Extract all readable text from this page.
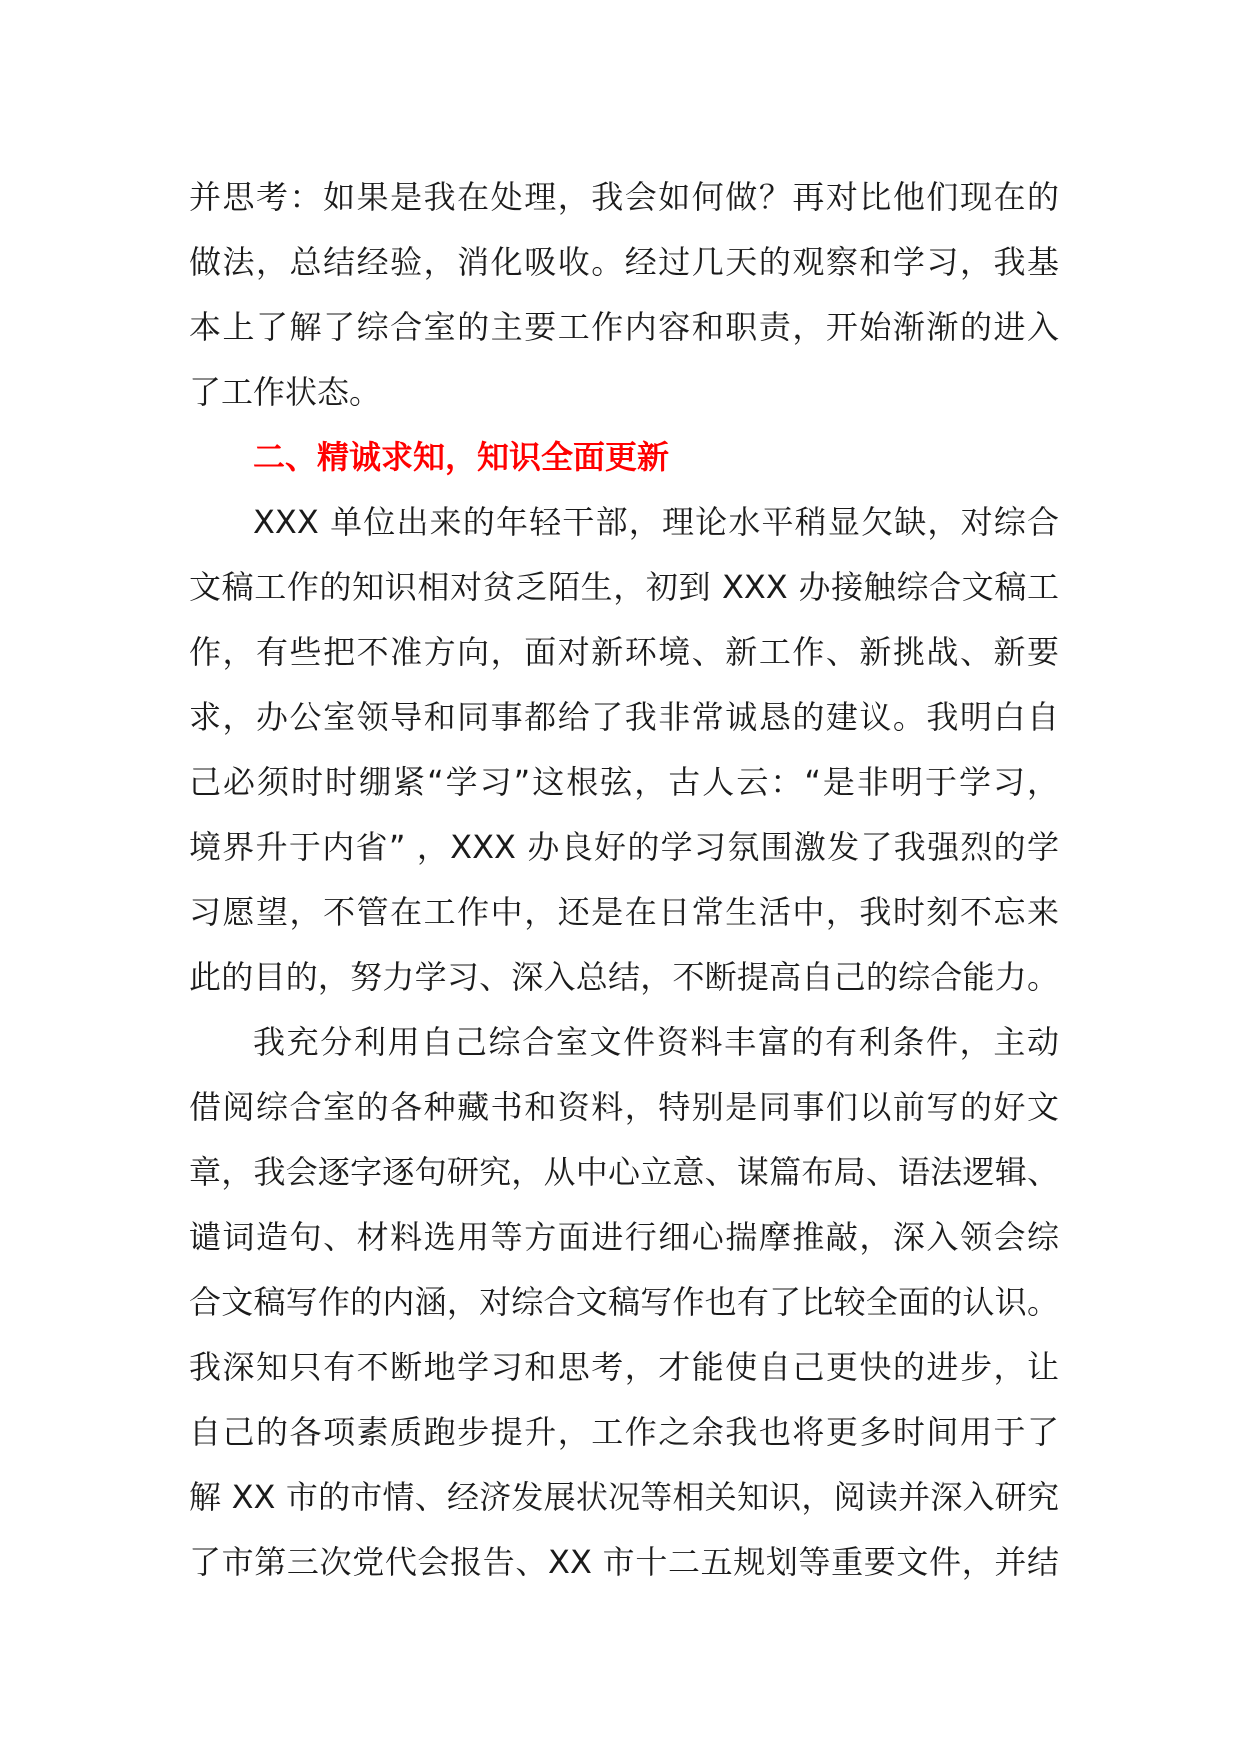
并思考：如果是我在处理，我会如何做？再对比他们现在的
做法，总结经验，消化吸收。经过几天的观察和学习，我基
本上了解了综合室的主要工作内容和职责，开始渐渐的进入
了工作状态。
二、精诚求知，知识全面更新
XXX 单位出来的年轻干部，理论水平稍显欠缺，对综合
文稿工作的知识相对贫乏陌生，初到 XXX 办接触综合文稿工
作，有些把不准方向，面对新环境、新工作、新挑战、新要
求，办公室领导和同事都给了我非常诚恳的建议。我明白自
己必须时时绷紧“学习”这根弦，古人云：“是非明于学习，
境界升于内省” ，XXX 办良好的学习氛围激发了我强烈的学
习愿望，不管在工作中，还是在日常生活中，我时刻不忘来
此的目的，努力学习、深入总结，不断提高自己的综合能力。
我充分利用自己综合室文件资料丰富的有利条件，主动
借阅综合室的各种藏书和资料，特别是同事们以前写的好文
章，我会逐字逐句研究，从中心立意、谋篇布局、语法逻辑、
谴词造句、材料选用等方面进行细心揣摩推敲，深入领会综
合文稿写作的内涵，对综合文稿写作也有了比较全面的认识。
我深知只有不断地学习和思考，才能使自己更快的进步，让
自己的各项素质跑步提升，工作之余我也将更多时间用于了
解 XX 市的市情、经济发展状况等相关知识，阅读并深入研究
了市第三次党代会报告、XX 市十二五规划等重要文件，并结
